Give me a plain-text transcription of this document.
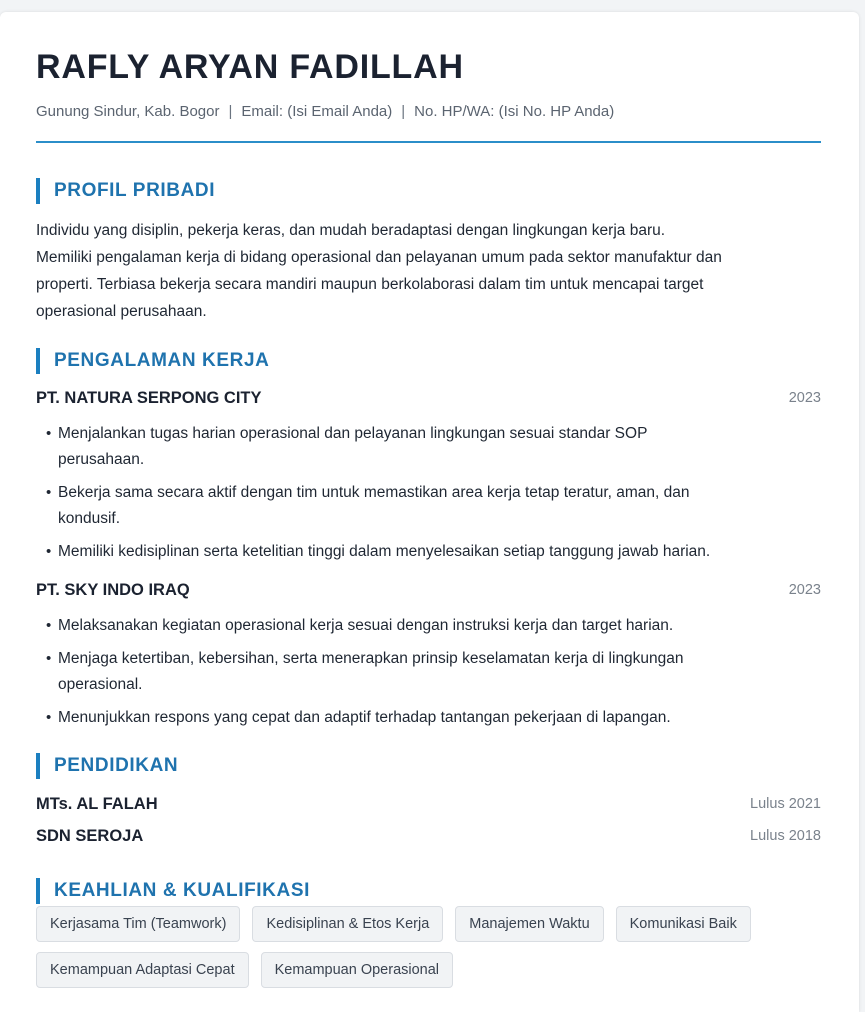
RAFLY ARYAN FADILLAH
Gunung Sindur, Kab. Bogor | Email: (Isi Email Anda) | No. HP/WA: (Isi No. HP Anda)
PROFIL PRIBADI
Individu yang disiplin, pekerja keras, dan mudah beradaptasi dengan lingkungan kerja baru.
Memiliki pengalaman kerja di bidang operasional dan pelayanan umum pada sektor manufaktur dan
properti. Terbiasa bekerja secara mandiri maupun berkolaborasi dalam tim untuk mencapai target
operasional perusahaan.
PENGALAMAN KERJA
PT. NATURA SERPONG CITY	2023
• Menjalankan tugas harian operasional dan pelayanan lingkungan sesuai standar SOP
perusahaan.
• Bekerja sama secara aktif dengan tim untuk memastikan area kerja tetap teratur, aman, dan
kondusif.
• Memiliki kedisiplinan serta ketelitian tinggi dalam menyelesaikan setiap tanggung jawab harian.
PT. SKY INDO IRAQ	2023
• Melaksanakan kegiatan operasional kerja sesuai dengan instruksi kerja dan target harian.
• Menjaga ketertiban, kebersihan, serta menerapkan prinsip keselamatan kerja di lingkungan
operasional.
• Menunjukkan respons yang cepat dan adaptif terhadap tantangan pekerjaan di lapangan.
PENDIDIKAN
MTs. AL FALAH	Lulus 2021
SDN SEROJA	Lulus 2018
KEAHLIAN & KUALIFIKASI
Kerjasama Tim (Teamwork)	Kedisiplinan & Etos Kerja	Manajemen Waktu	Komunikasi Baik
Kemampuan Adaptasi Cepat	Kemampuan Operasional
